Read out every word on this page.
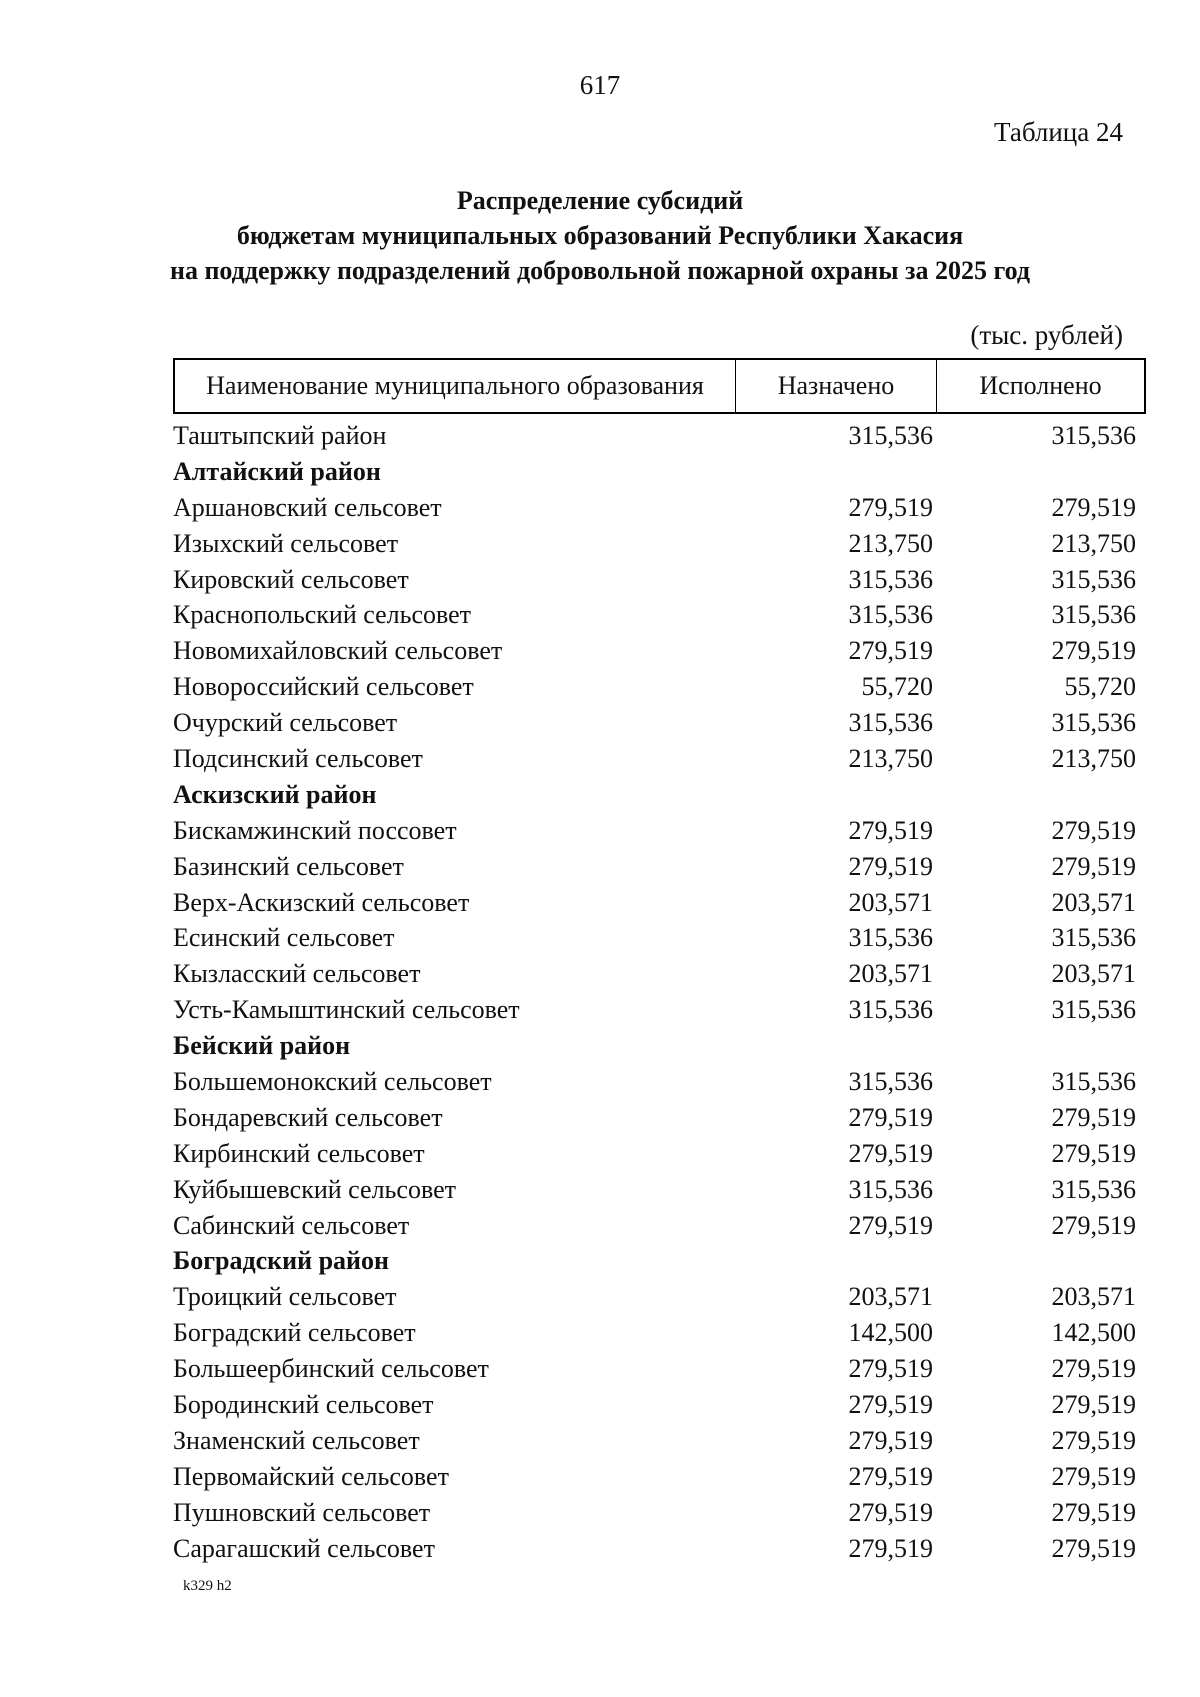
617
Таблица 24
Распределение субсидий
бюджетам муниципальных образований Республики Хакасия
на поддержку подразделений добровольной пожарной охраны за 2025 год
(тыс. рублей)
Наименование муниципального образования	Назначено	Исполнено
Таштыпский район	315,536	315,536
Алтайский район
Аршановский сельсовет	279,519	279,519
Изыхский сельсовет	213,750	213,750
Кировский сельсовет	315,536	315,536
Краснопольский сельсовет	315,536	315,536
Новомихайловский сельсовет	279,519	279,519
Новороссийский сельсовет	55,720	55,720
Очурский сельсовет	315,536	315,536
Подсинский сельсовет	213,750	213,750
Аскизский район
Бискамжинский поссовет	279,519	279,519
Базинский сельсовет	279,519	279,519
Верх-Аскизский сельсовет	203,571	203,571
Есинский сельсовет	315,536	315,536
Кызласский сельсовет	203,571	203,571
Усть-Камыштинский сельсовет	315,536	315,536
Бейский район
Большемонокский сельсовет	315,536	315,536
Бондаревский сельсовет	279,519	279,519
Кирбинский сельсовет	279,519	279,519
Куйбышевский сельсовет	315,536	315,536
Сабинский сельсовет	279,519	279,519
Боградский район
Троицкий сельсовет	203,571	203,571
Боградский сельсовет	142,500	142,500
Большеербинский сельсовет	279,519	279,519
Бородинский сельсовет	279,519	279,519
Знаменский сельсовет	279,519	279,519
Первомайский сельсовет	279,519	279,519
Пушновский сельсовет	279,519	279,519
Сарагашский сельсовет	279,519	279,519
k329 h2
